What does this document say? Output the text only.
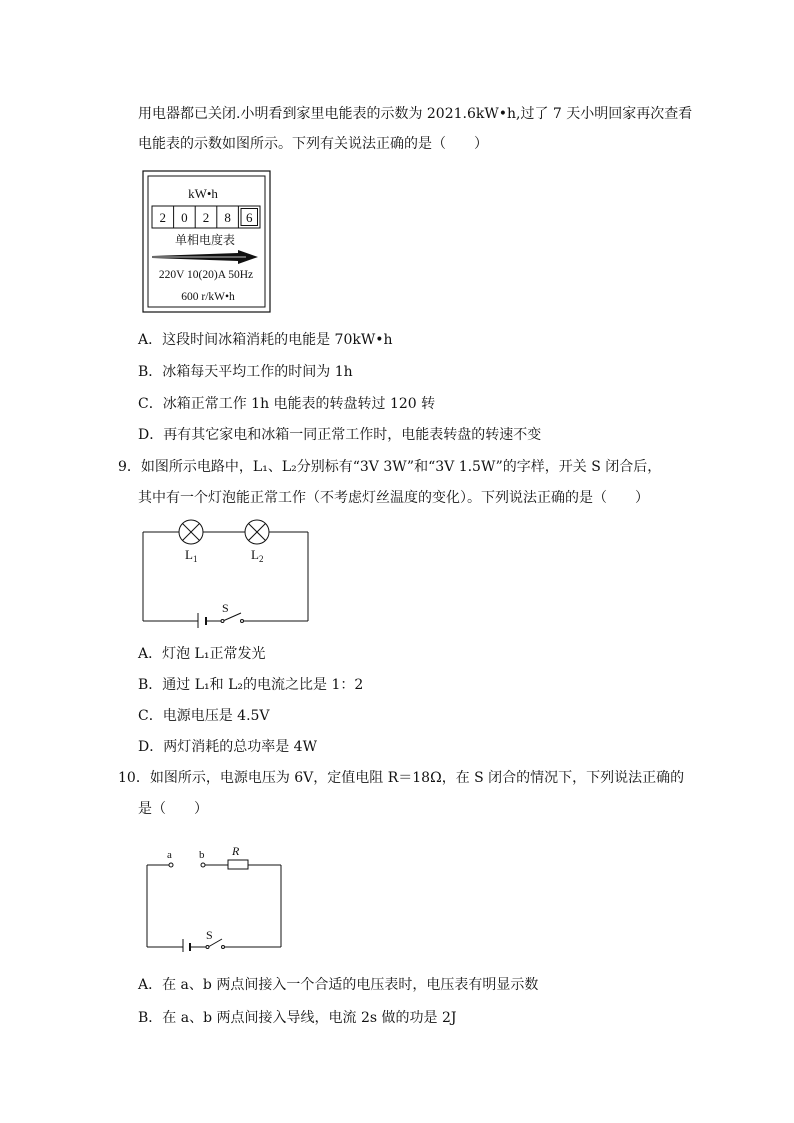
用电器都已关闭.小明看到家里电能表的示数为 2021.6kW•h,过了 7 天小明回家再次查看
电能表的示数如图所示。下列有关说法正确的是（　　）
kW•h
2 0 2 8 6
单相电度表
220V 10(20)A 50Hz
600 r/kW•h
A．这段时间冰箱消耗的电能是 70kW•h
B．冰箱每天平均工作的时间为 1h
C．冰箱正常工作 1h 电能表的转盘转过 120 转
D．再有其它家电和冰箱一同正常工作时，电能表转盘的转速不变
9．如图所示电路中，L₁、L₂分别标有“3V 3W”和“3V 1.5W”的字样，开关 S 闭合后，
其中有一个灯泡能正常工作（不考虑灯丝温度的变化）。下列说法正确的是（　　）
$L_1$	$L_2$
S
A．灯泡 L₁正常发光
B．通过 L₁和 L₂的电流之比是 1：2
C．电源电压是 4.5V
D．两灯消耗的总功率是 4W
10．如图所示，电源电压为 6V，定值电阻 R＝18Ω，在 S 闭合的情况下，下列说法正确的
是（　　）
a b R
S
A．在 a、b 两点间接入一个合适的电压表时，电压表有明显示数
B．在 a、b 两点间接入导线，电流 2s 做的功是 2J
